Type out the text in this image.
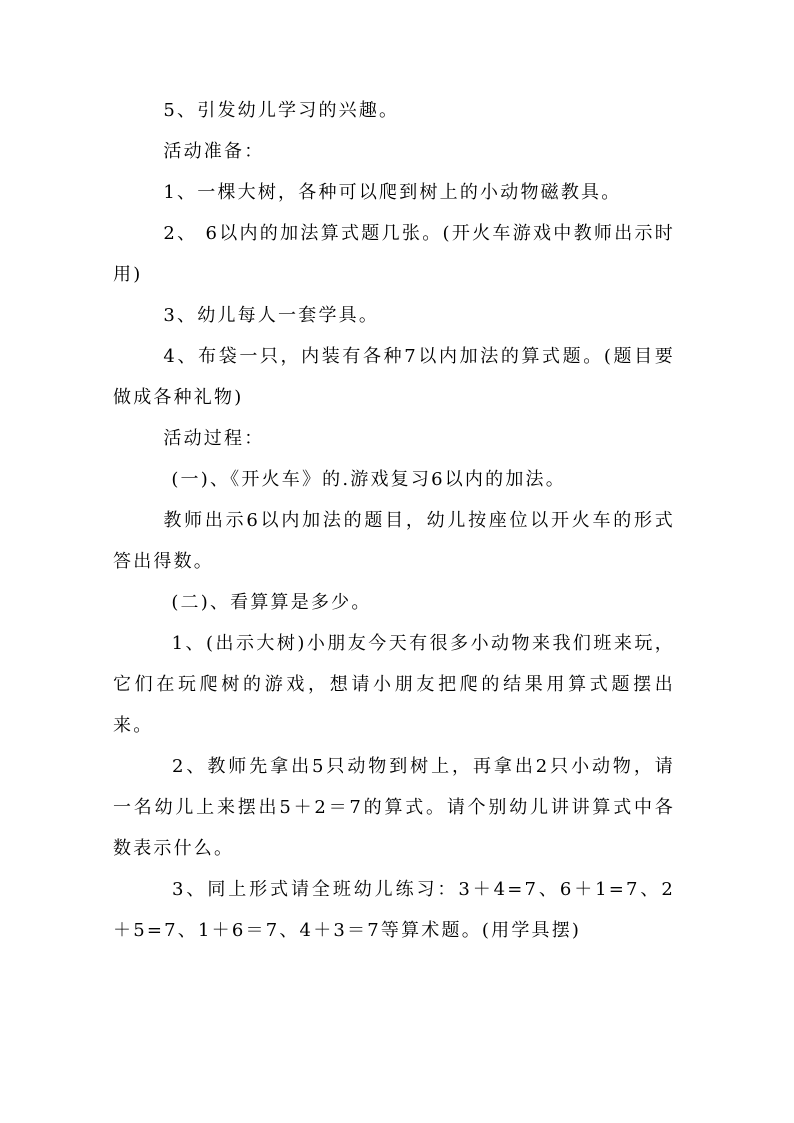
5、引发幼儿学习的兴趣。

活动准备：

1、一棵大树，各种可以爬到树上的小动物磁教具。

2、 6以内的加法算式题几张。(开火车游戏中教师出示时用)

3、幼儿每人一套学具。

4、布袋一只，内装有各种7以内加法的算式题。(题目要做成各种礼物)

活动过程：

(一)、《开火车》的.游戏复习6以内的加法。

教师出示6以内加法的题目，幼儿按座位以开火车的形式答出得数。

(二)、看算算是多少。

1、(出示大树)小朋友今天有很多小动物来我们班来玩，它们在玩爬树的游戏，想请小朋友把爬的结果用算式题摆出来。

2、教师先拿出5只动物到树上，再拿出2只小动物，请一名幼儿上来摆出5＋2＝7的算式。请个别幼儿讲讲算式中各数表示什么。

3、同上形式请全班幼儿练习：3＋4=7、6＋1=7、2＋5=7、1＋6＝7、4＋3＝7等算术题。(用学具摆)
